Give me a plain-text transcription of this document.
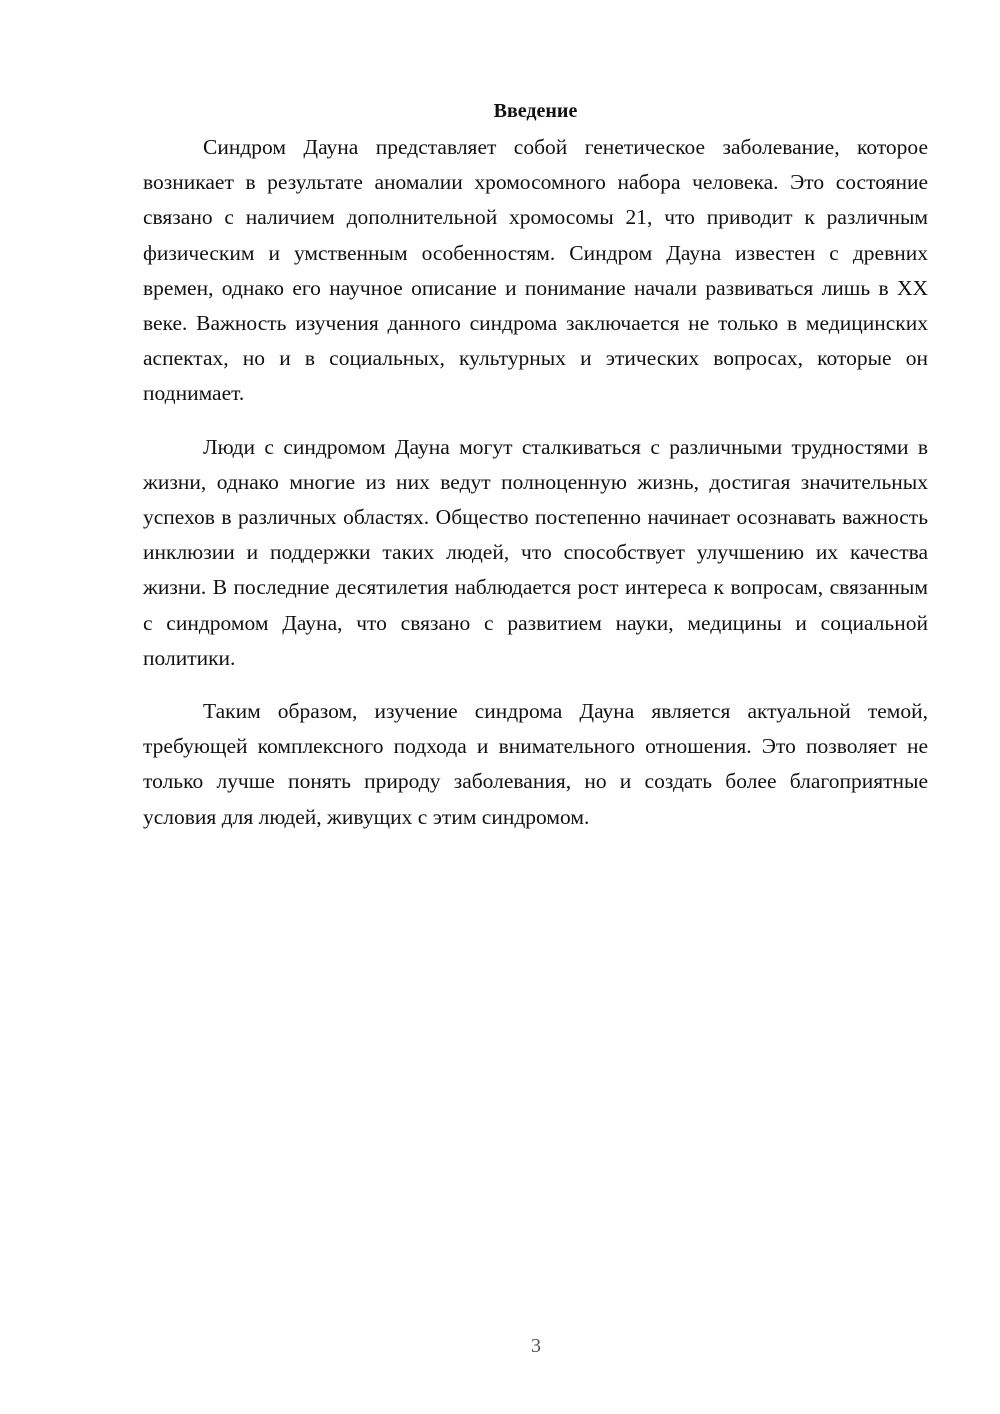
Введение

Синдром Дауна представляет собой генетическое заболевание, которое возникает в результате аномалии хромосомного набора человека. Это состояние связано с наличием дополнительной хромосомы 21, что приводит к различным физическим и умственным особенностям. Синдром Дауна известен с древних времен, однако его научное описание и понимание начали развиваться лишь в XX веке. Важность изучения данного синдрома заключается не только в медицинских аспектах, но и в социальных, культурных и этических вопросах, которые он поднимает.

Люди с синдромом Дауна могут сталкиваться с различными трудностями в жизни, однако многие из них ведут полноценную жизнь, достигая значительных успехов в различных областях. Общество постепенно начинает осознавать важность инклюзии и поддержки таких людей, что способствует улучшению их качества жизни. В последние десятилетия наблюдается рост интереса к вопросам, связанным с синдромом Дауна, что связано с развитием науки, медицины и социальной политики.

Таким образом, изучение синдрома Дауна является актуальной темой, требующей комплексного подхода и внимательного отношения. Это позволяет не только лучше понять природу заболевания, но и создать более благоприятные условия для людей, живущих с этим синдромом.

3
